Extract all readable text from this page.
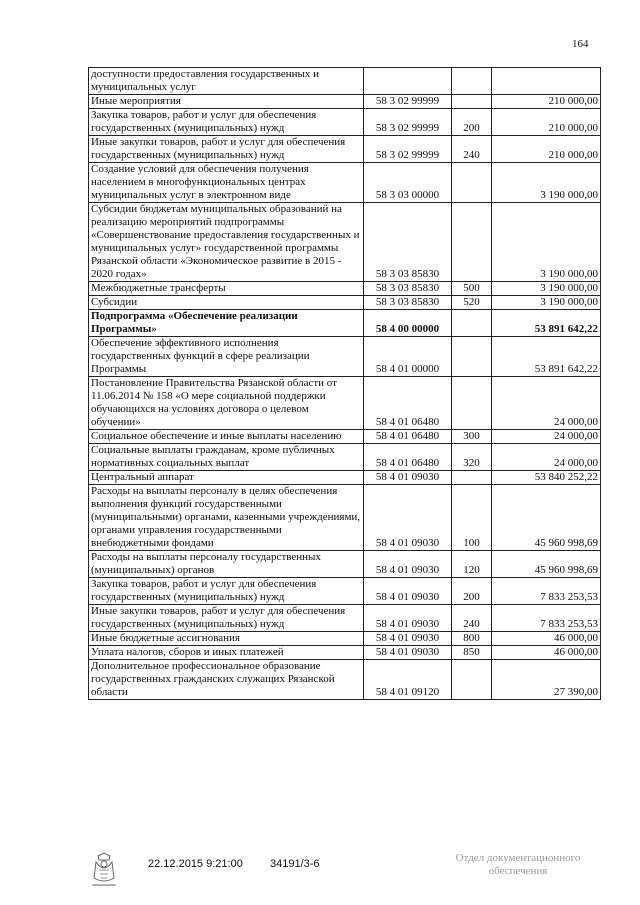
164
доступности предоставления государственных и муниципальных услуг			
Иные мероприятия	58 3 02 99999		210 000,00
Закупка товаров, работ и услуг для обеспечения государственных (муниципальных) нужд	58 3 02 99999	200	210 000,00
Иные закупки товаров, работ и услуг для обеспечения государственных (муниципальных) нужд	58 3 02 99999	240	210 000,00
Создание условий для обеспечения получения населением в многофункциональных центрах муниципальных услуг в электронном виде	58 3 03 00000		3 190 000,00
Субсидии бюджетам муниципальных образований на реализацию мероприятий подпрограммы «Совершенствование предоставления государственных и муниципальных услуг» государственной программы Рязанской области «Экономическое развитие в 2015 - 2020 годах»	58 3 03 85830		3 190 000,00
Межбюджетные трансферты	58 3 03 85830	500	3 190 000,00
Субсидии	58 3 03 85830	520	3 190 000,00
Подпрограмма «Обеспечение реализации Программы»	58 4 00 00000		53 891 642,22
Обеспечение эффективного исполнения государственных функций в сфере реализации Программы	58 4 01 00000		53 891 642,22
Постановление Правительства Рязанской области от 11.06.2014 № 158 «О мере социальной поддержки обучающихся на условиях договора о целевом обучении»	58 4 01 06480		24 000,00
Социальное обеспечение и иные выплаты населению	58 4 01 06480	300	24 000,00
Социальные выплаты гражданам, кроме публичных нормативных социальных выплат	58 4 01 06480	320	24 000,00
Центральный аппарат	58 4 01 09030		53 840 252,22
Расходы на выплаты персоналу в целях обеспечения выполнения функций государственными (муниципальными) органами, казенными учреждениями, органами управления государственными внебюджетными фондами	58 4 01 09030	100	45 960 998,69
Расходы на выплаты персоналу государственных (муниципальных) органов	58 4 01 09030	120	45 960 998,69
Закупка товаров, работ и услуг для обеспечения государственных (муниципальных) нужд	58 4 01 09030	200	7 833 253,53
Иные закупки товаров, работ и услуг для обеспечения государственных (муниципальных) нужд	58 4 01 09030	240	7 833 253,53
Иные бюджетные ассигнования	58 4 01 09030	800	46 000,00
Уплата налогов, сборов и иных платежей	58 4 01 09030	850	46 000,00
Дополнительное профессиональное образование государственных гражданских служащих Рязанской области	58 4 01 09120		27 390,00
22.12.2015 9:21:00 34191/3-6	Отдел документационного
обеспечения
